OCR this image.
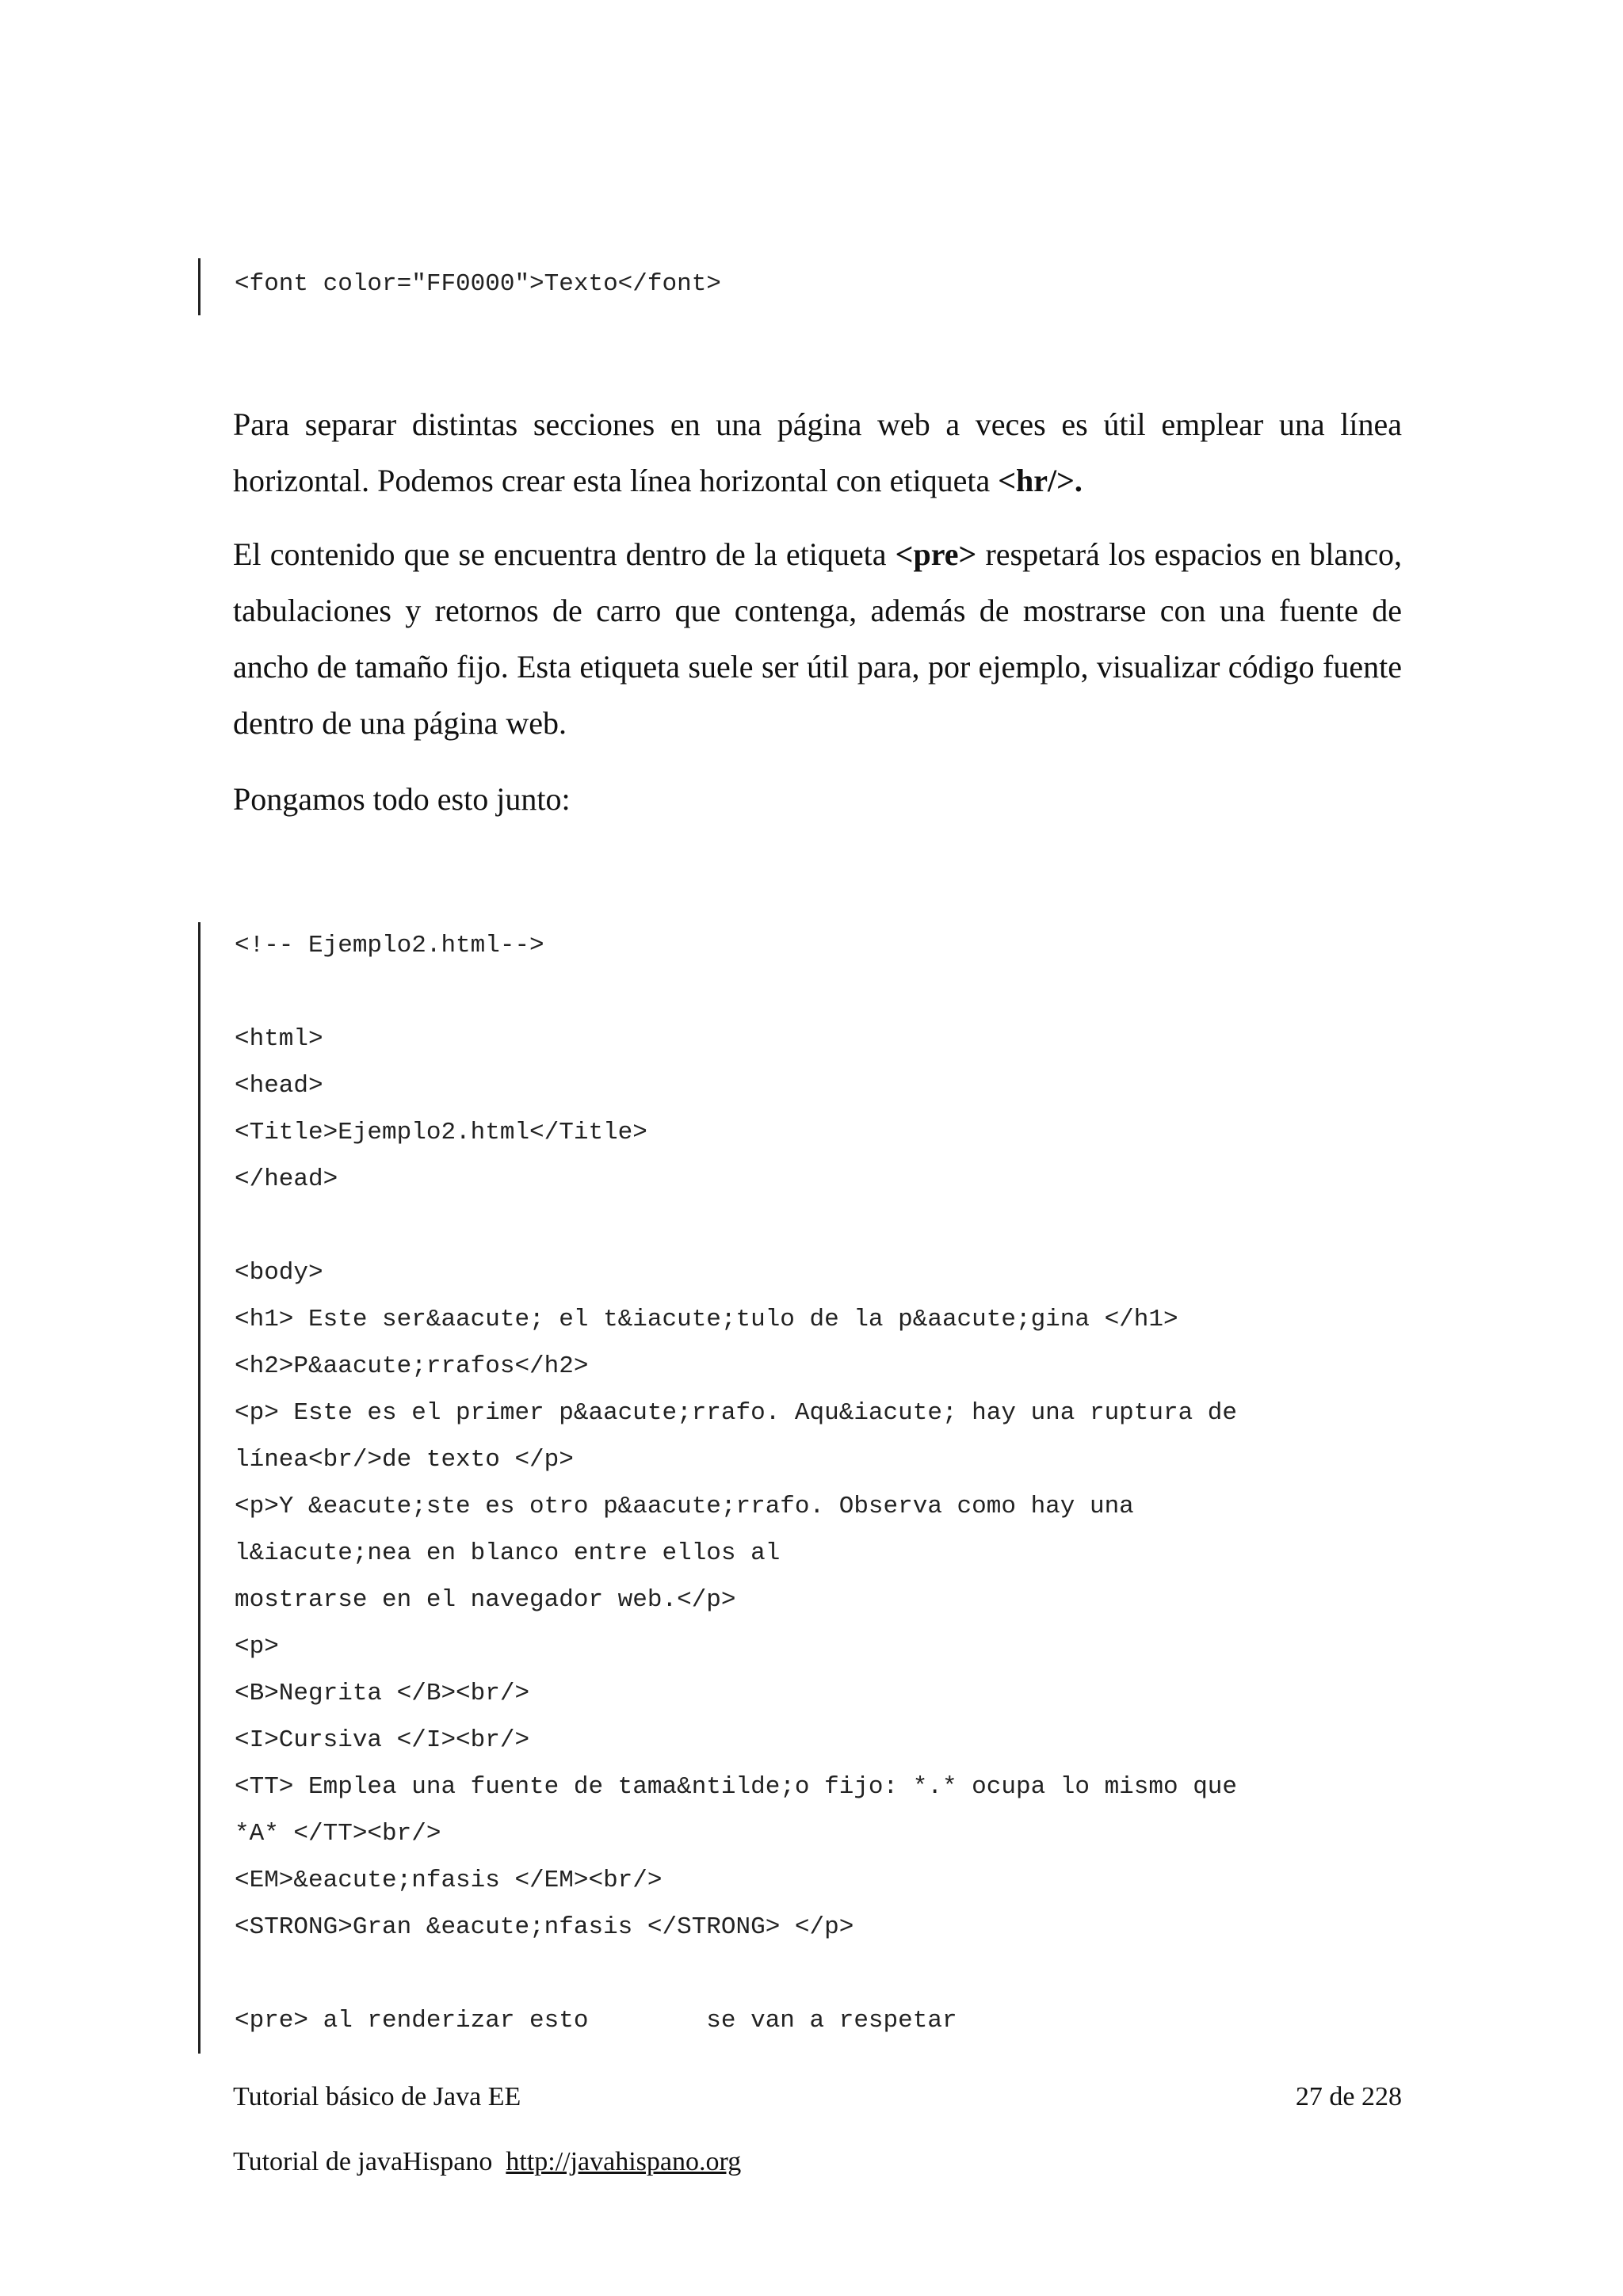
<font color="FF0000">Texto</font>

Para separar distintas secciones en una página web a veces es útil emplear una línea horizontal. Podemos crear esta línea horizontal con etiqueta <hr/>.

El contenido que se encuentra dentro de la etiqueta <pre> respetará los espacios en blanco, tabulaciones y retornos de carro que contenga, además de mostrarse con una fuente de ancho de tamaño fijo. Esta etiqueta suele ser útil para, por ejemplo, visualizar código fuente dentro de una página web.

Pongamos todo esto junto:

<!-- Ejemplo2.html-->
<html>
<head>
<Title>Ejemplo2.html</Title>
</head>
<body>
<h1> Este ser&aacute; el t&iacute;tulo de la p&aacute;gina </h1>
<h2>P&aacute;rrafos</h2>
<p> Este es el primer p&aacute;rrafo. Aqu&iacute; hay una ruptura de
línea<br/>de texto </p>
<p>Y &eacute;ste es otro p&aacute;rrafo. Observa como hay una
l&iacute;nea en blanco entre ellos al
mostrarse en el navegador web.</p>
<p>
<B>Negrita </B><br/>
<I>Cursiva </I><br/>
<TT> Emplea una fuente de tama&ntilde;o fijo: *.* ocupa lo mismo que
*A* </TT><br/>
<EM>&eacute;nfasis </EM><br/>
<STRONG>Gran &eacute;nfasis </STRONG> </p>
<pre> al renderizar esto        se van a respetar
Tutorial básico de Java EE	27 de 228
Tutorial de javaHispano http://javahispano.org
